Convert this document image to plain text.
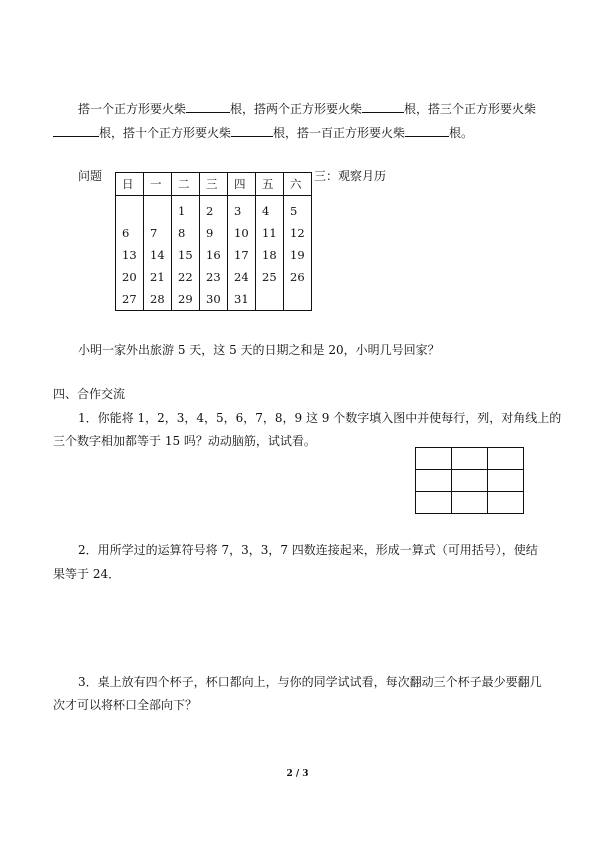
搭一个正方形要火柴	根，搭两个正方形要火柴	根，搭三个正方形要火柴
根，搭十个正方形要火柴	根，搭一百正方形要火柴	根。
问题	三：观察月历
日	一	二	三	四	五	六
		1	2	3	4	5
6	7	8	9	10	11	12
13	14	15	16	17	18	19
20	21	22	23	24	25	26
27	28	29	30	31		
小明一家外出旅游 5 天，这 5 天的日期之和是 20，小明几号回家？
四、合作交流
1．你能将 1，2，3，4，5，6，7，8，9 这 9 个数字填入图中并使每行，列，对角线上的
三个数字相加都等于 15 吗？动动脑筋，试试看。

2．用所学过的运算符号将 7，3，3，7 四数连接起来，形成一算式（可用括号），使结
果等于 24．
3．桌上放有四个杯子，杯口都向上，与你的同学试试看，每次翻动三个杯子最少要翻几
次才可以将杯口全部向下？
2 / 3
